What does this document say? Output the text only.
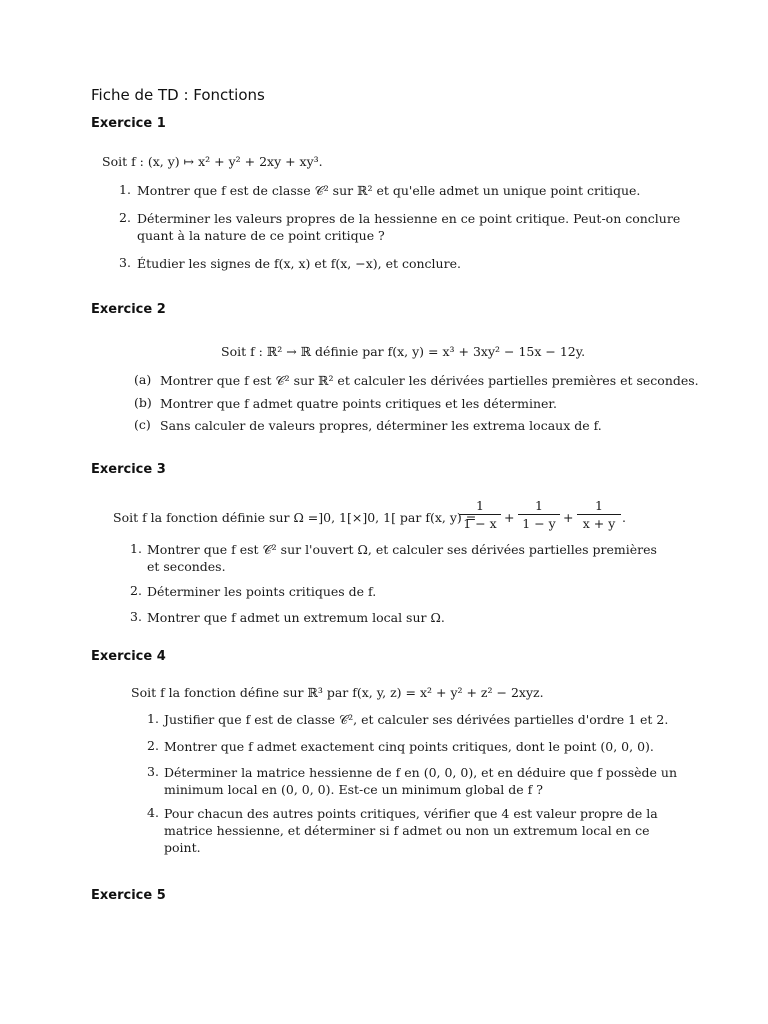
Fiche de TD : Fonctions
Exercice 1
Soit f : (x, y) ↦ x² + y² + 2xy + xy³.
1. Montrer que f est de classe 𝒞² sur ℝ² et qu'elle admet un unique point critique.
2. Déterminer les valeurs propres de la hessienne en ce point critique. Peut-on conclure quant à la nature de ce point critique ?
3. Étudier les signes de f(x, x) et f(x, −x), et conclure.
Exercice 2
Soit f : ℝ² → ℝ définie par f(x, y) = x³ + 3xy² − 15x − 12y.
(a) Montrer que f est 𝒞² sur ℝ² et calculer les dérivées partielles premières et secondes.
(b) Montrer que f admet quatre points critiques et les déterminer.
(c) Sans calculer de valeurs propres, déterminer les extrema locaux de f.
Exercice 3
Soit f la fonction définie sur Ω =]0, 1[×]0, 1[ par f(x, y) =
$\frac{1}{1 - x} + \frac{1}{1 - y} + \frac{1}{x + y}$ .
1. Montrer que f est 𝒞² sur l'ouvert Ω, et calculer ses dérivées partielles premières et secondes.
2. Déterminer les points critiques de f.
3. Montrer que f admet un extremum local sur Ω.
Exercice 4
Soit f la fonction défine sur ℝ³ par f(x, y, z) = x² + y² + z² − 2xyz.
1. Justifier que f est de classe 𝒞², et calculer ses dérivées partielles d'ordre 1 et 2.
2. Montrer que f admet exactement cinq points critiques, dont le point (0, 0, 0).
3. Déterminer la matrice hessienne de f en (0, 0, 0), et en déduire que f possède un minimum local en (0, 0, 0). Est-ce un minimum global de f ?
4. Pour chacun des autres points critiques, vérifier que 4 est valeur propre de la matrice hessienne, et déterminer si f admet ou non un extremum local en ce point.
Exercice 5
